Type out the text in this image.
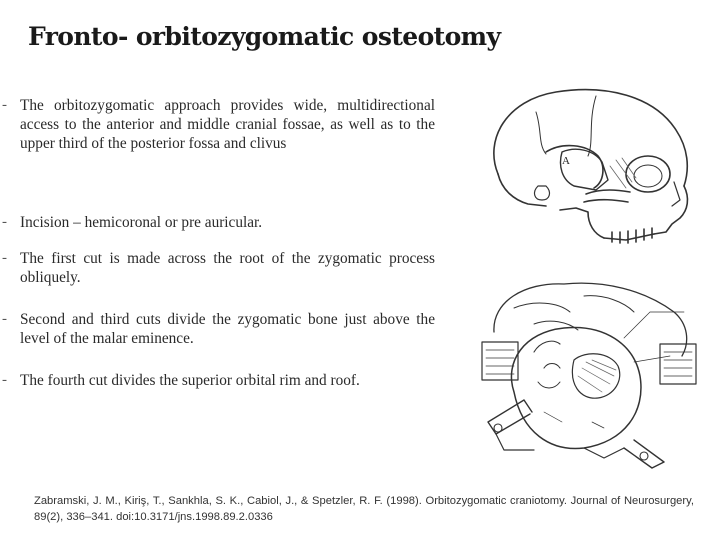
Fronto- orbitozygomatic osteotomy
- The orbitozygomatic approach provides wide, multidirectional access to the anterior and middle cranial fossae, as well as to the upper third of the posterior fossa and clivus
- Incision – hemicoronal or pre auricular.
- The first cut is made across the root of the zygomatic process obliquely.
- Second and third cuts divide the zygomatic bone just above the level of the malar eminence.
- The fourth cut divides the superior orbital rim and roof.
A
Zabramski, J. M., Kiriş, T., Sankhla, S. K., Cabiol, J., & Spetzler, R. F. (1998). Orbitozygomatic craniotomy. Journal of Neurosurgery, 89(2), 336–341. doi:10.3171/jns.1998.89.2.0336
